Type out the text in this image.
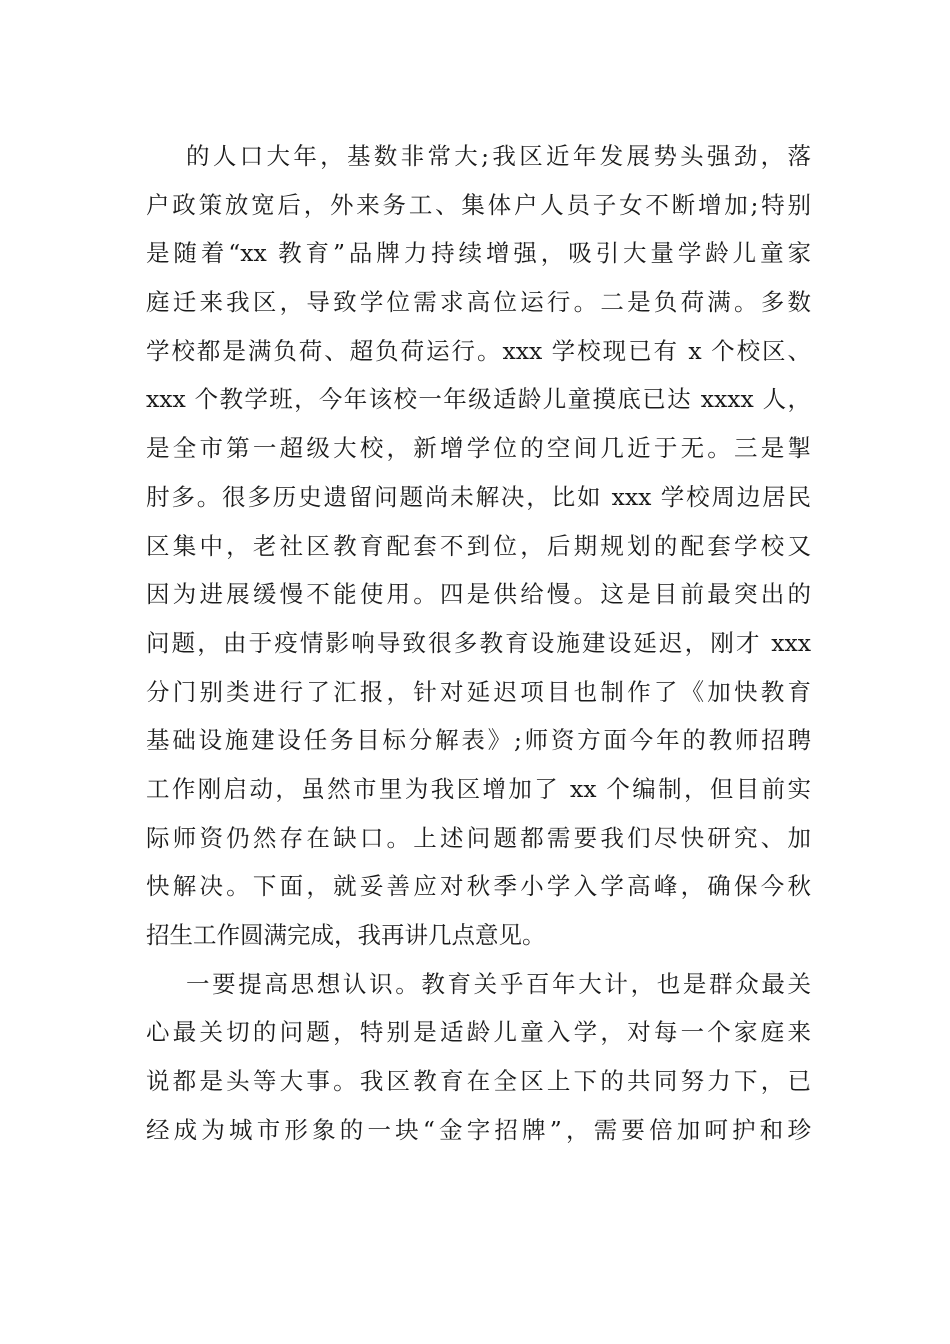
的人口大年，基数非常大;我区近年发展势头强劲，落
户政策放宽后，外来务工、集体户人员子女不断增加;特别
是随着“xx 教育”品牌力持续增强，吸引大量学龄儿童家
庭迁来我区，导致学位需求高位运行。二是负荷满。多数
学校都是满负荷、超负荷运行。xxx 学校现已有 x 个校区、
xxx 个教学班，今年该校一年级适龄儿童摸底已达 xxxx 人，
是全市第一超级大校，新增学位的空间几近于无。三是掣
肘多。很多历史遗留问题尚未解决，比如 xxx 学校周边居民
区集中，老社区教育配套不到位，后期规划的配套学校又
因为进展缓慢不能使用。四是供给慢。这是目前最突出的
问题，由于疫情影响导致很多教育设施建设延迟，刚才 xxx
分门别类进行了汇报，针对延迟项目也制作了《加快教育
基础设施建设任务目标分解表》;师资方面今年的教师招聘
工作刚启动，虽然市里为我区增加了 xx 个编制，但目前实
际师资仍然存在缺口。上述问题都需要我们尽快研究、加
快解决。下面，就妥善应对秋季小学入学高峰，确保今秋
招生工作圆满完成，我再讲几点意见。
一要提高思想认识。教育关乎百年大计，也是群众最关
心最关切的问题，特别是适龄儿童入学，对每一个家庭来
说都是头等大事。我区教育在全区上下的共同努力下，已
经成为城市形象的一块“金字招牌”，需要倍加呵护和珍
